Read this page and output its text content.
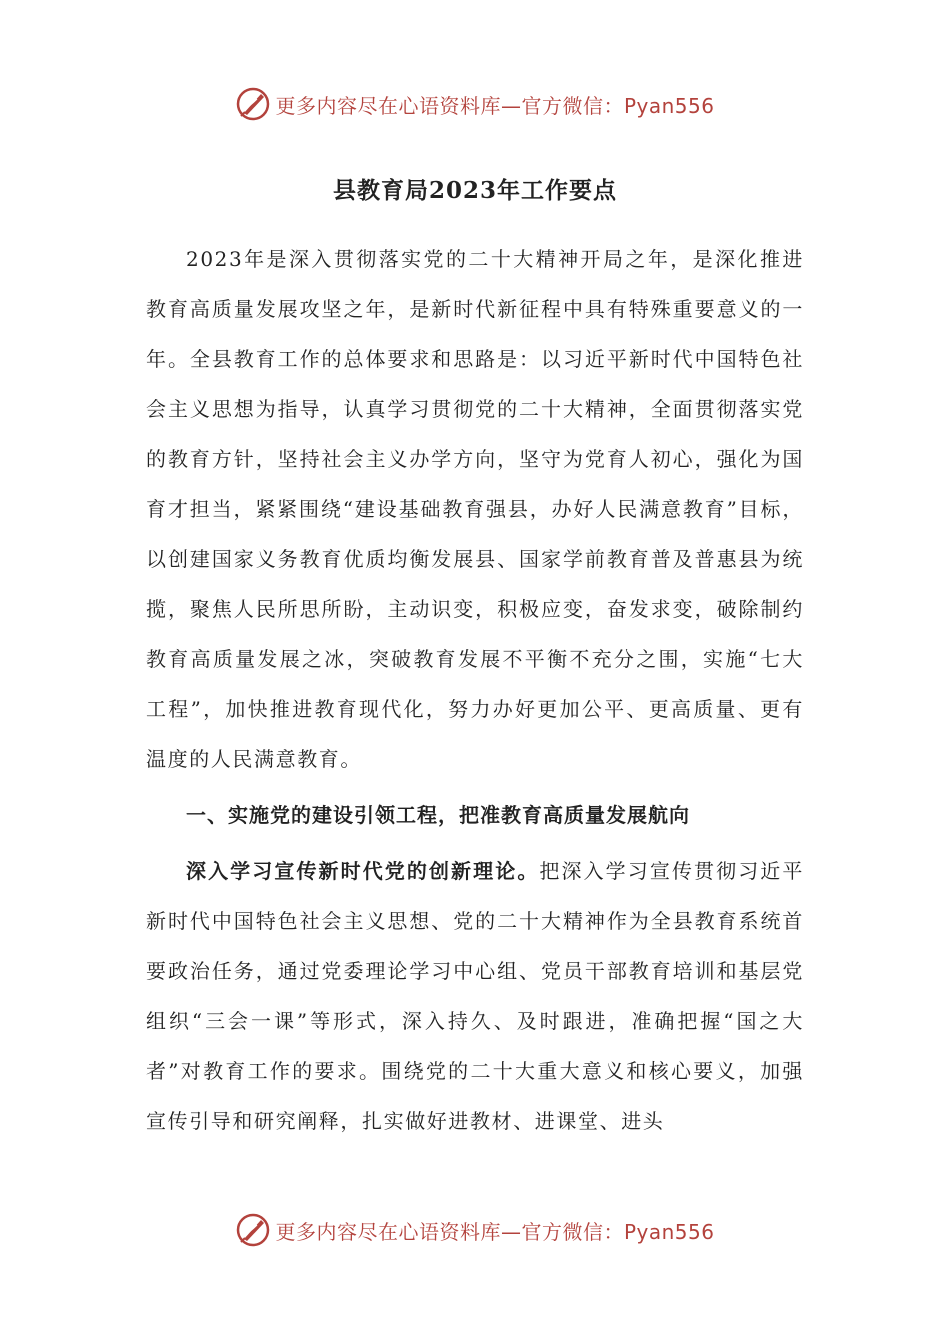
更多内容尽在心语资料库—官方微信：Pyan556
县教育局2023年工作要点

2023年是深入贯彻落实党的二十大精神开局之年，是深化推进教育高质量发展攻坚之年，是新时代新征程中具有特殊重要意义的一年。全县教育工作的总体要求和思路是：以习近平新时代中国特色社会主义思想为指导，认真学习贯彻党的二十大精神，全面贯彻落实党的教育方针，坚持社会主义办学方向，坚守为党育人初心，强化为国育才担当，紧紧围绕“建设基础教育强县，办好人民满意教育”目标，以创建国家义务教育优质均衡发展县、国家学前教育普及普惠县为统揽，聚焦人民所思所盼，主动识变，积极应变，奋发求变，破除制约教育高质量发展之冰，突破教育发展不平衡不充分之围，实施“七大工程”，加快推进教育现代化，努力办好更加公平、更高质量、更有温度的人民满意教育。

一、实施党的建设引领工程，把准教育高质量发展航向

深入学习宣传新时代党的创新理论。把深入学习宣传贯彻习近平新时代中国特色社会主义思想、党的二十大精神作为全县教育系统首要政治任务，通过党委理论学习中心组、党员干部教育培训和基层党组织“三会一课”等形式，深入持久、及时跟进，准确把握“国之大者”对教育工作的要求。围绕党的二十大重大意义和核心要义，加强宣传引导和研究阐释，扎实做好进教材、进课堂、进头

更多内容尽在心语资料库—官方微信：Pyan556
